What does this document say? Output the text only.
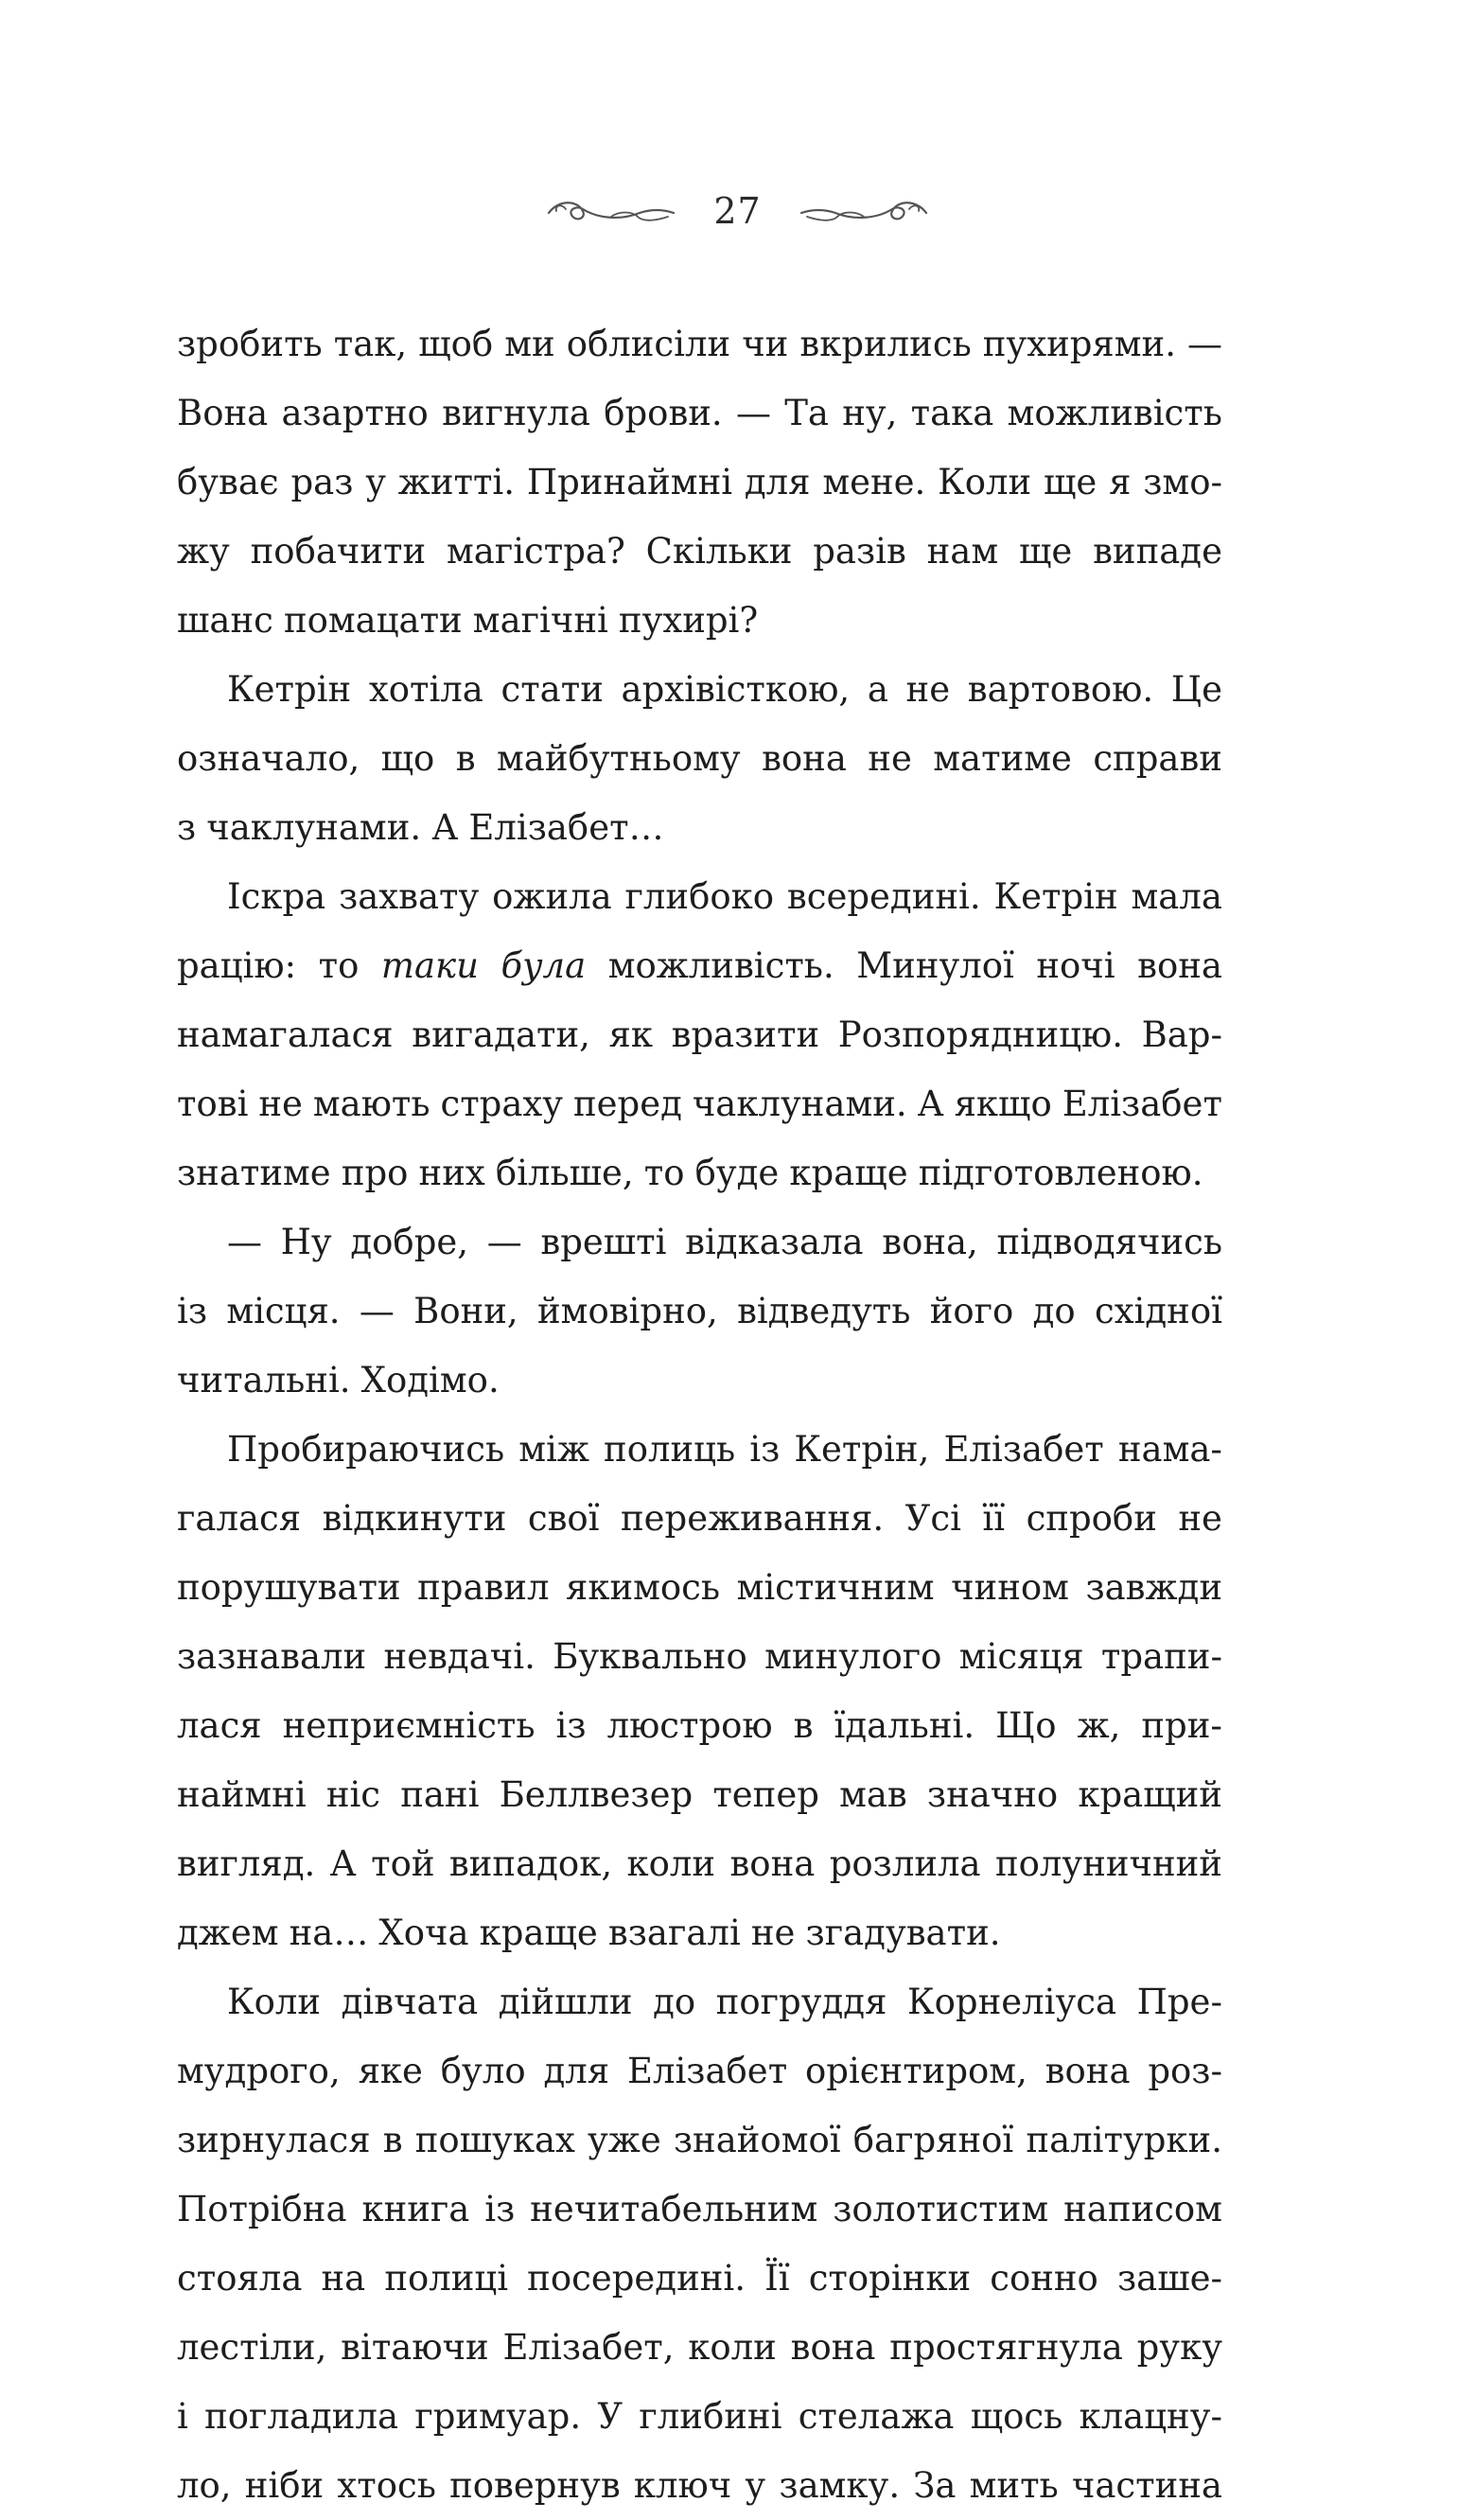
27
зробить так, щоб ми облисіли чи вкрились пухирями. —
Вона азартно вигнула брови. — Та ну, така можливість
буває раз у житті. Принаймні для мене. Коли ще я змо-
жу побачити магістра? Скільки разів нам ще випаде
шанс помацати магічні пухирі?
Кетрін хотіла стати архівісткою, а не вартовою. Це
означало, що в майбутньому вона не матиме справи
з чаклунами. А Елізабет…
Іскра захвату ожила глибоко всередині. Кетрін мала
рацію: то таки була можливість. Минулої ночі вона
намагалася вигадати, як вразити Розпорядницю. Вар-
тові не мають страху перед чаклунами. А якщо Елізабет
знатиме про них більше, то буде краще підготовленою.
— Ну добре, — врешті відказала вона, підводячись
із місця. — Вони, ймовірно, відведуть його до східної
читальні. Ходімо.
Пробираючись між полиць із Кетрін, Елізабет нама-
галася відкинути свої переживання. Усі її спроби не
порушувати правил якимось містичним чином завжди
зазнавали невдачі. Буквально минулого місяця трапи-
лася неприємність із люстрою в їдальні. Що ж, при-
наймні ніс пані Беллвезер тепер мав значно кращий
вигляд. А той випадок, коли вона розлила полуничний
джем на… Хоча краще взагалі не згадувати.
Коли дівчата дійшли до погруддя Корнеліуса Пре-
мудрого, яке було для Елізабет орієнтиром, вона роз-
зирнулася в пошуках уже знайомої багряної палітурки.
Потрібна книга із нечитабельним золотистим написом
стояла на полиці посередині. Її сторінки сонно заше-
лестіли, вітаючи Елізабет, коли вона простягнула руку
і погладила гримуар. У глибині стелажа щось клацну-
ло, ніби хтось повернув ключ у замку. За мить частина
